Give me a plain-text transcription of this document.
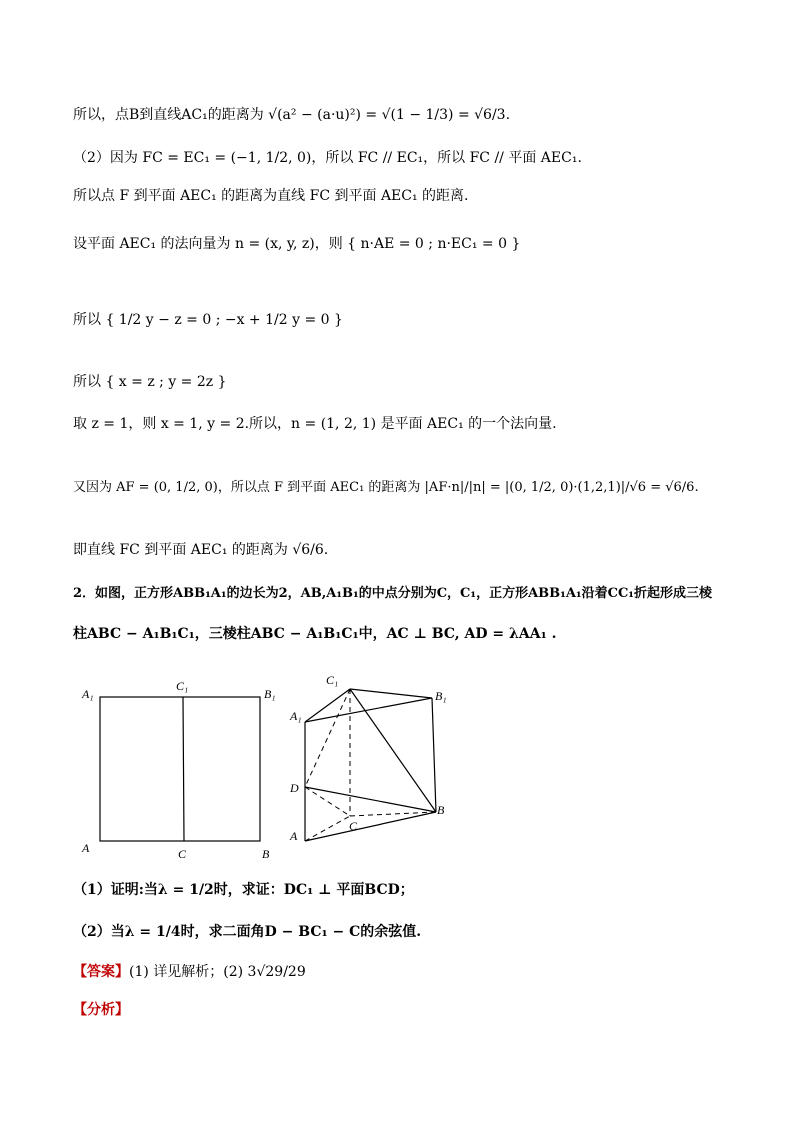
所以，点B到直线AC₁的距离为 √(a² − (a·u)²) = √(1 − 1/3) = √6/3.
（2）因为 FC = EC₁ = (−1, 1/2, 0)，所以 FC // EC₁，所以 FC // 平面 AEC₁.
所以点 F 到平面 AEC₁ 的距离为直线 FC 到平面 AEC₁ 的距离.
设平面 AEC₁ 的法向量为 n = (x, y, z)，则 { n·AE = 0 ; n·EC₁ = 0 }
所以 { 1/2 y − z = 0 ; −x + 1/2 y = 0 }
所以 { x = z ; y = 2z }
取 z = 1，则 x = 1, y = 2.所以，n = (1, 2, 1) 是平面 AEC₁ 的一个法向量.
又因为 AF = (0, 1/2, 0)，所以点 F 到平面 AEC₁ 的距离为 |AF·n|/|n| = |(0, 1/2, 0)·(1,2,1)|/√6 = √6/6.
即直线 FC 到平面 AEC₁ 的距离为 √6/6.
2．如图，正方形ABB₁A₁的边长为2，AB,A₁B₁的中点分别为C，C₁，正方形ABB₁A₁沿着CC₁折起形成三棱
柱ABC − A₁B₁C₁，三棱柱ABC − A₁B₁C₁中，AC ⊥ BC, AD = λAA₁ .
A₁
C₁
B₁
A	C	B
C₁
B₁
A₁
D
B
C
A
（1）证明:当λ = 1/2时，求证：DC₁ ⊥ 平面BCD；
（2）当λ = 1/4时，求二面角D − BC₁ − C的余弦值.
【答案】(1) 详见解析；(2) 3√29/29
【分析】
